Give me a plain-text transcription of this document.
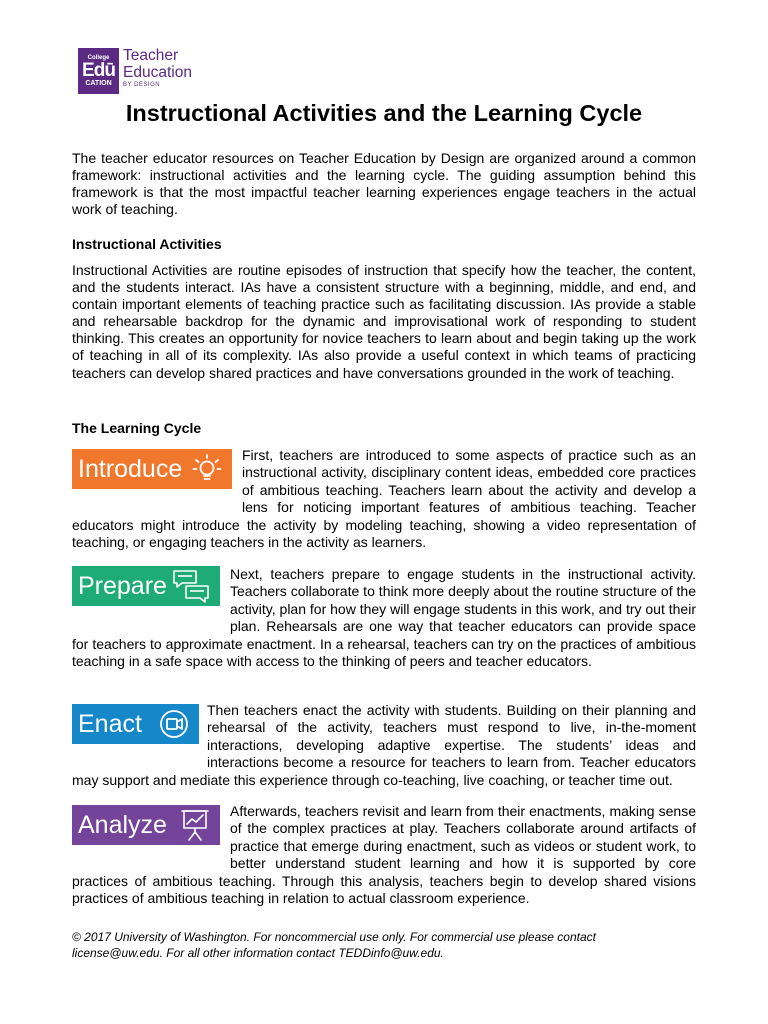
College
Edū
CATION
Teacher
Education
BY DESIGN
Instructional Activities and the Learning Cycle

The teacher educator resources on Teacher Education by Design are organized around a common framework: instructional activities and the learning cycle. The guiding assumption behind this framework is that the most impactful teacher learning experiences engage teachers in the actual work of teaching.

Instructional Activities

Instructional Activities are routine episodes of instruction that specify how the teacher, the content, and the students interact. IAs have a consistent structure with a beginning, middle, and end, and contain important elements of teaching practice such as facilitating discussion. IAs provide a stable and rehearsable backdrop for the dynamic and improvisational work of responding to student thinking. This creates an opportunity for novice teachers to learn about and begin taking up the work of teaching in all of its complexity. IAs also provide a useful context in which teams of practicing teachers can develop shared practices and have conversations grounded in the work of teaching.

The Learning Cycle
First, teachers are introduced to some aspects of practice such as an instructional activity, disciplinary content ideas, embedded core practices of ambitious teaching. Teachers learn about the activity and develop a lens for noticing important features of ambitious teaching. Teacher educators might introduce the activity by modeling teaching, showing a video representation of teaching, or engaging teachers in the activity as learners.
Introduce
Next, teachers prepare to engage students in the instructional activity. Teachers collaborate to think more deeply about the routine structure of the activity, plan for how they will engage students in this work, and try out their plan. Rehearsals are one way that teacher educators can provide space for teachers to approximate enactment. In a rehearsal, teachers can try on the practices of ambitious teaching in a safe space with access to the thinking of peers and teacher educators.
Prepare
Then teachers enact the activity with students. Building on their planning and rehearsal of the activity, teachers must respond to live, in-the-moment interactions, developing adaptive expertise. The students’ ideas and interactions become a resource for teachers to learn from. Teacher educators may support and mediate this experience through co-teaching, live coaching, or teacher time out.
Enact
Afterwards, teachers revisit and learn from their enactments, making sense of the complex practices at play. Teachers collaborate around artifacts of practice that emerge during enactment, such as videos or student work, to better understand student learning and how it is supported by core practices of ambitious teaching. Through this analysis, teachers begin to develop shared visions practices of ambitious teaching in relation to actual classroom experience.
Analyze
© 2017 University of Washington. For noncommercial use only. For commercial use please contact
license@uw.edu. For all other information contact TEDDinfo@uw.edu.
